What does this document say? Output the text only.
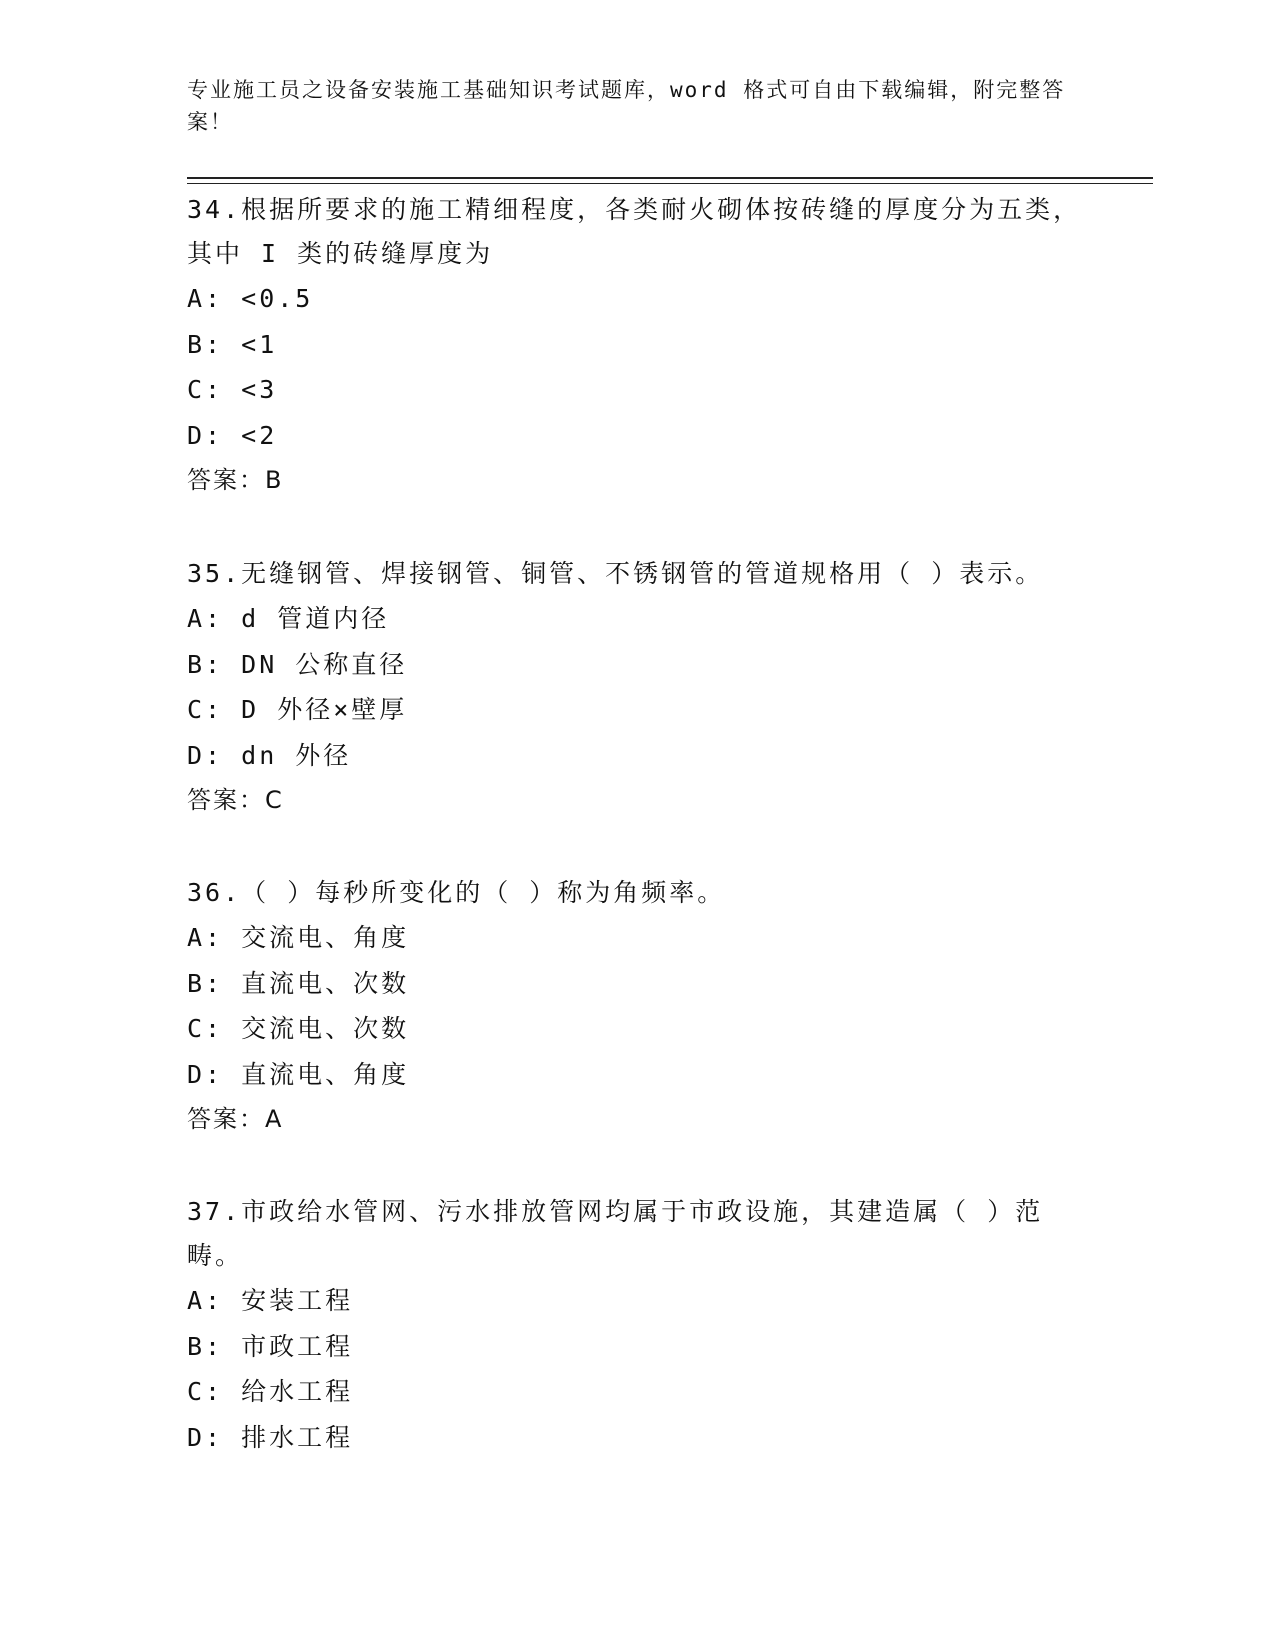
专业施工员之设备安装施工基础知识考试题库，word 格式可自由下载编辑，附完整答案！

34.根据所要求的施工精细程度，各类耐火砌体按砖缝的厚度分为五类，其中 I 类的砖缝厚度为

A: <0.5

B: <1

C: <3

D: <2

答案：B

35.无缝钢管、焊接钢管、铜管、不锈钢管的管道规格用（ ）表示。

A: d 管道内径

B: DN 公称直径

C: D 外径×壁厚

D: dn 外径

答案：C

36.（ ）每秒所变化的（ ）称为角频率。

A: 交流电、角度

B: 直流电、次数

C: 交流电、次数

D: 直流电、角度

答案：A

37.市政给水管网、污水排放管网均属于市政设施，其建造属（ ）范畴。

A: 安装工程

B: 市政工程

C: 给水工程

D: 排水工程
